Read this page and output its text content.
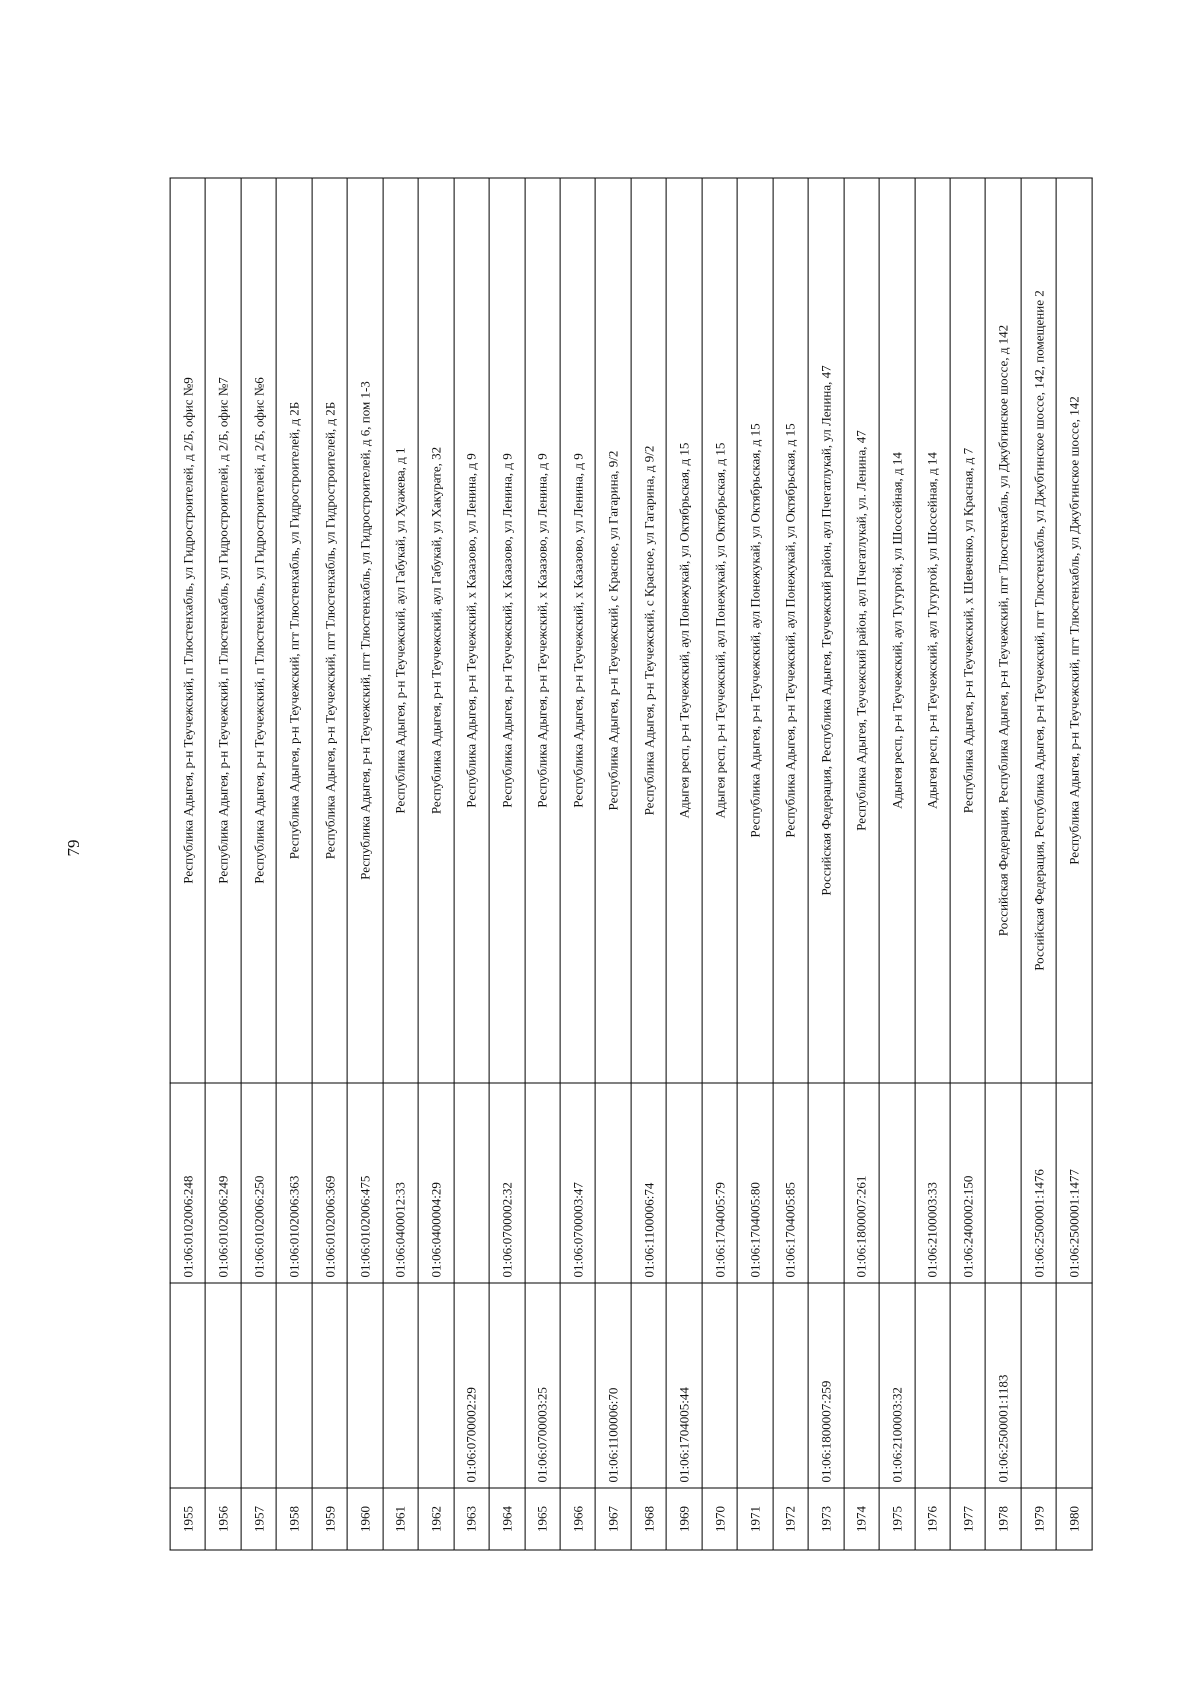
79
1955		01:06:0102006:248	Республика Адыгея, р-н Теучежский, п Тлюстенхабль, ул Гидростроителей, д 2/Б, офис №9
1956		01:06:0102006:249	Республика Адыгея, р-н Теучежский, п Тлюстенхабль, ул Гидростроителей, д 2/Б, офис №7
1957		01:06:0102006:250	Республика Адыгея, р-н Теучежский, п Тлюстенхабль, ул Гидростроителей, д 2/Б, офис №6
1958		01:06:0102006:363	Республика Адыгея, р-н Теучежский, пгт Тлюстенхабль, ул Гидростроителей, д 2Б
1959		01:06:0102006:369	Республика Адыгея, р-н Теучежский, пгт Тлюстенхабль, ул Гидростроителей, д 2Б
1960		01:06:0102006:475	Республика Адыгея, р-н Теучежский, пгт Тлюстенхабль, ул Гидростроителей, д 6, пом 1-3
1961		01:06:0400012:33	Республика Адыгея, р-н Теучежский, аул Габукай, ул Хуажева, д 1
1962		01:06:0400004:29	Республика Адыгея, р-н Теучежский, аул Габукай, ул Хакурате, 32
1963	01:06:0700002:29		Республика Адыгея, р-н Теучежский, х Казазово, ул Ленина, д 9
1964		01:06:0700002:32	Республика Адыгея, р-н Теучежский, х Казазово, ул Ленина, д 9
1965	01:06:0700003:25		Республика Адыгея, р-н Теучежский, х Казазово, ул Ленина, д 9
1966		01:06:0700003:47	Республика Адыгея, р-н Теучежский, х Казазово, ул Ленина, д 9
1967	01:06:1100006:70		Республика Адыгея, р-н Теучежский, с Красное, ул Гагарина, 9/2
1968		01:06:1100006:74	Республика Адыгея, р-н Теучежский, с Красное, ул Гагарина, д 9/2
1969	01:06:1704005:44		Адыгея респ, р-н Теучежский, аул Понежукай, ул Октябрьская, д 15
1970		01:06:1704005:79	Адыгея респ, р-н Теучежский, аул Понежукай, ул Октябрьская, д 15
1971		01:06:1704005:80	Республика Адыгея, р-н Теучежский, аул Понежукай, ул Октябрьская, д 15
1972		01:06:1704005:85	Республика Адыгея, р-н Теучежский, аул Понежукай, ул Октябрьская, д 15
1973	01:06:1800007:259		Российская Федерация, Республика Адыгея, Теучежский район, аул Пчегатлукай, ул Ленина, 47
1974		01:06:1800007:261	Республика Адыгея, Теучежский район, аул Пчегатлукай, ул. Ленина, 47
1975	01:06:2100003:32		Адыгея респ, р-н Теучежский, аул Тугургой, ул Шоссейная, д 14
1976		01:06:2100003:33	Адыгея респ, р-н Теучежский, аул Тугургой, ул Шоссейная, д 14
1977		01:06:2400002:150	Республика Адыгея, р-н Теучежский, х Шевченко, ул Красная, д 7
1978	01:06:2500001:1183		Российская Федерация, Республика Адыгея, р-н Теучежский, пгт Тлюстенхабль, ул Джубгинское шоссе, д 142
1979		01:06:2500001:1476	Российская Федерация, Республика Адыгея, р-н Теучежский, пгт Тлюстенхабль, ул Джубгинское шоссе, 142, помещение 2
1980		01:06:2500001:1477	Республика Адыгея, р-н Теучежский, пгт Тлюстенхабль, ул Джубгинское шоссе, 142
